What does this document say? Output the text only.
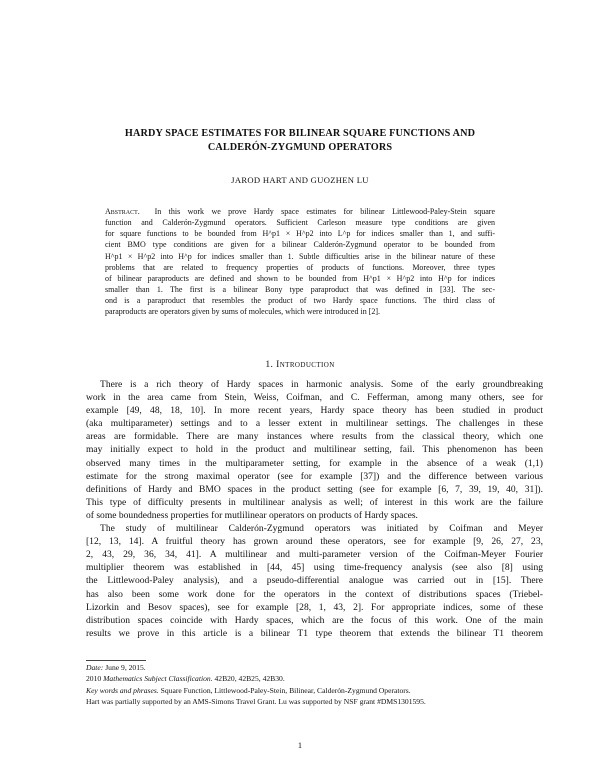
HARDY SPACE ESTIMATES FOR BILINEAR SQUARE FUNCTIONS AND
CALDERÓN-ZYGMUND OPERATORS
JAROD HART AND GUOZHEN LU
Abstract. In this work we prove Hardy space estimates for bilinear Littlewood-Paley-Stein square
function and Calderón-Zygmund operators. Sufficient Carleson measure type conditions are given
for square functions to be bounded from H^p1 × H^p2 into L^p for indices smaller than 1, and suffi-
cient BMO type conditions are given for a bilinear Calderón-Zygmund operator to be bounded from
H^p1 × H^p2 into H^p for indices smaller than 1. Subtle difficulties arise in the bilinear nature of these
problems that are related to frequency properties of products of functions. Moreover, three types
of bilinear paraproducts are defined and shown to be bounded from H^p1 × H^p2 into H^p for indices
smaller than 1. The first is a bilinear Bony type paraproduct that was defined in [33]. The sec-
ond is a paraproduct that resembles the product of two Hardy space functions. The third class of
paraproducts are operators given by sums of molecules, which were introduced in [2].
1. Introduction
There is a rich theory of Hardy spaces in harmonic analysis. Some of the early groundbreaking
work in the area came from Stein, Weiss, Coifman, and C. Fefferman, among many others, see for
example [49, 48, 18, 10]. In more recent years, Hardy space theory has been studied in product
(aka multiparameter) settings and to a lesser extent in multilinear settings. The challenges in these
areas are formidable. There are many instances where results from the classical theory, which one
may initially expect to hold in the product and multilinear setting, fail. This phenomenon has been
observed many times in the multiparameter setting, for example in the absence of a weak (1,1)
estimate for the strong maximal operator (see for example [37]) and the difference between various
definitions of Hardy and BMO spaces in the product setting (see for example [6, 7, 39, 19, 40, 31]).
This type of difficulty presents in multilinear analysis as well; of interest in this work are the failure
of some boundedness properties for mutlilinear operators on products of Hardy spaces.
The study of multilinear Calderón-Zygmund operators was initiated by Coifman and Meyer
[12, 13, 14]. A fruitful theory has grown around these operators, see for example [9, 26, 27, 23,
2, 43, 29, 36, 34, 41]. A multilinear and multi-parameter version of the Coifman-Meyer Fourier
multiplier theorem was established in [44, 45] using time-frequency analysis (see also [8] using
the Littlewood-Paley analysis), and a pseudo-differential analogue was carried out in [15]. There
has also been some work done for the operators in the context of distributions spaces (Triebel-
Lizorkin and Besov spaces), see for example [28, 1, 43, 2]. For appropriate indices, some of these
distribution spaces coincide with Hardy spaces, which are the focus of this work. One of the main
results we prove in this article is a bilinear T1 type theorem that extends the bilinear T1 theorem
Date: June 9, 2015.
2010 Mathematics Subject Classification. 42B20, 42B25, 42B30.
Key words and phrases. Square Function, Littlewood-Paley-Stein, Bilinear, Calderón-Zygmund Operators.
Hart was partially supported by an AMS-Simons Travel Grant. Lu was supported by NSF grant #DMS1301595.
1
